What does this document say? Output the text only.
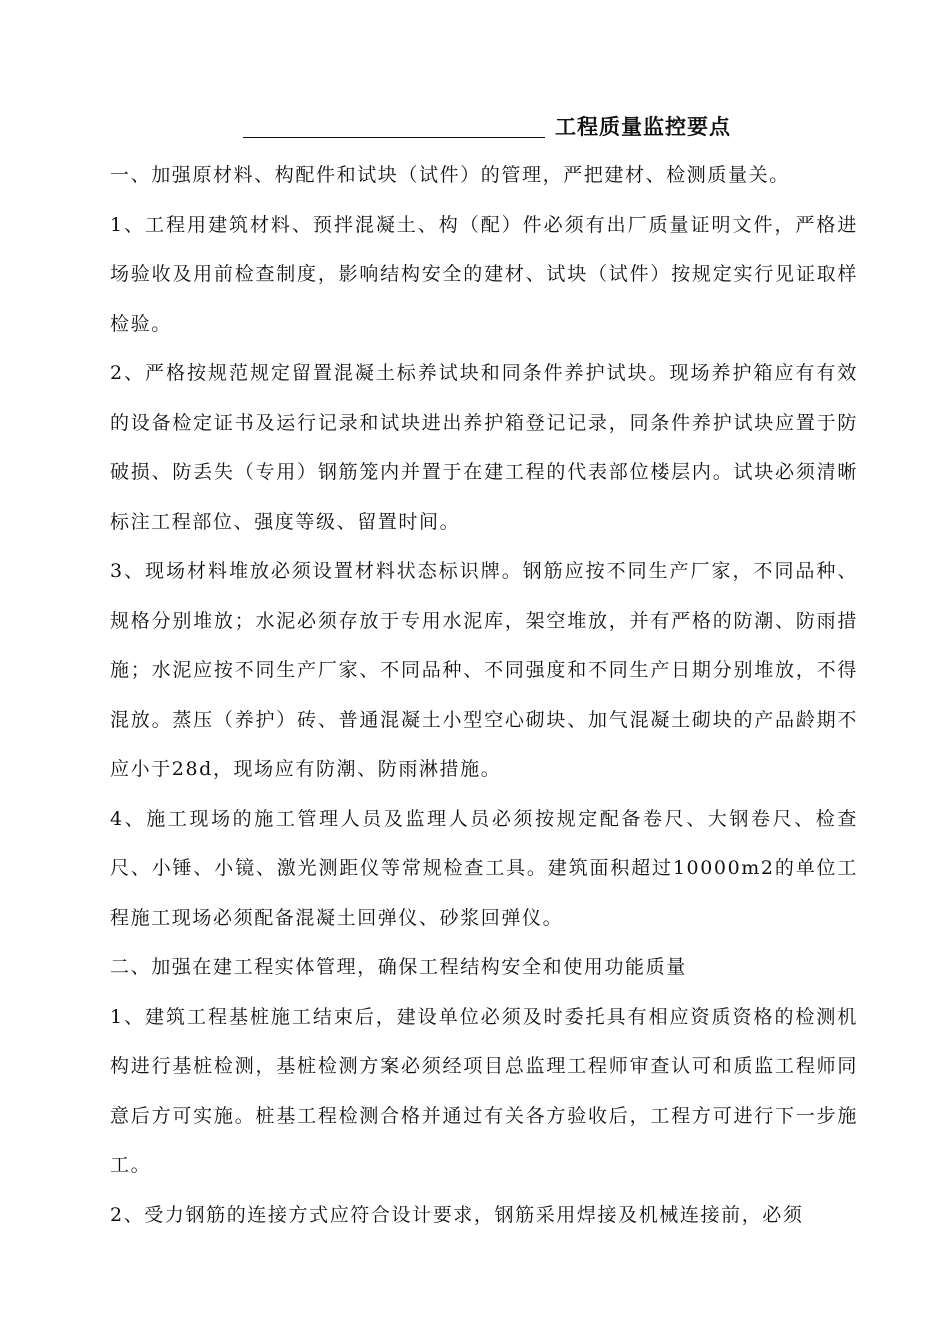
工程质量监控要点

一、加强原材料、构配件和试块（试件）的管理，严把建材、检测质量关。

1、工程用建筑材料、预拌混凝土、构（配）件必须有出厂质量证明文件，严格进场验收及用前检查制度，影响结构安全的建材、试块（试件）按规定实行见证取样检验。

2、严格按规范规定留置混凝土标养试块和同条件养护试块。现场养护箱应有有效的设备检定证书及运行记录和试块进出养护箱登记记录，同条件养护试块应置于防破损、防丢失（专用）钢筋笼内并置于在建工程的代表部位楼层内。试块必须清晰标注工程部位、强度等级、留置时间。

3、现场材料堆放必须设置材料状态标识牌。钢筋应按不同生产厂家，不同品种、规格分别堆放；水泥必须存放于专用水泥库，架空堆放，并有严格的防潮、防雨措施；水泥应按不同生产厂家、不同品种、不同强度和不同生产日期分别堆放，不得混放。蒸压（养护）砖、普通混凝土小型空心砌块、加气混凝土砌块的产品龄期不应小于28d，现场应有防潮、防雨淋措施。

4、施工现场的施工管理人员及监理人员必须按规定配备卷尺、大钢卷尺、检查尺、小锤、小镜、激光测距仪等常规检查工具。建筑面积超过10000m2的单位工程施工现场必须配备混凝土回弹仪、砂浆回弹仪。

二、加强在建工程实体管理，确保工程结构安全和使用功能质量

1、建筑工程基桩施工结束后，建设单位必须及时委托具有相应资质资格的检测机构进行基桩检测，基桩检测方案必须经项目总监理工程师审查认可和质监工程师同意后方可实施。桩基工程检测合格并通过有关各方验收后，工程方可进行下一步施工。

2、受力钢筋的连接方式应符合设计要求，钢筋采用焊接及机械连接前，必须
